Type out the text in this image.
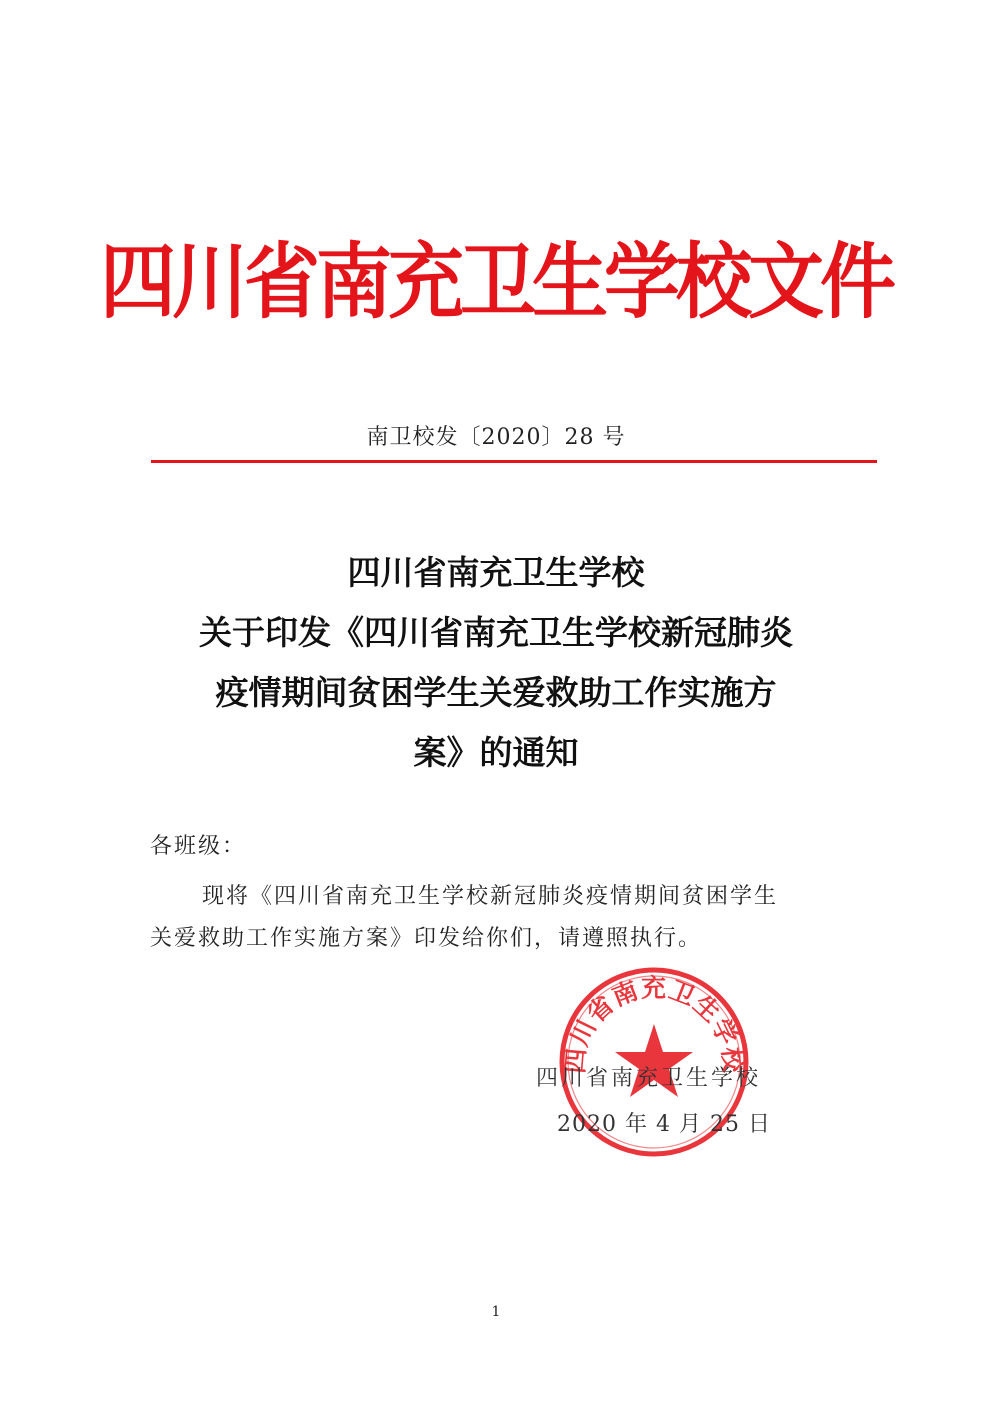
四川省南充卫生学校文件
南卫校发〔2020〕28 号
四川省南充卫生学校
关于印发《四川省南充卫生学校新冠肺炎
疫情期间贫困学生关爱救助工作实施方
案》的通知
各班级：
现将《四川省南充卫生学校新冠肺炎疫情期间贫困学生
关爱救助工作实施方案》印发给你们，请遵照执行。
四川省南充卫生学校
四川省南充卫生学校
2020 年 4 月 25 日
1
